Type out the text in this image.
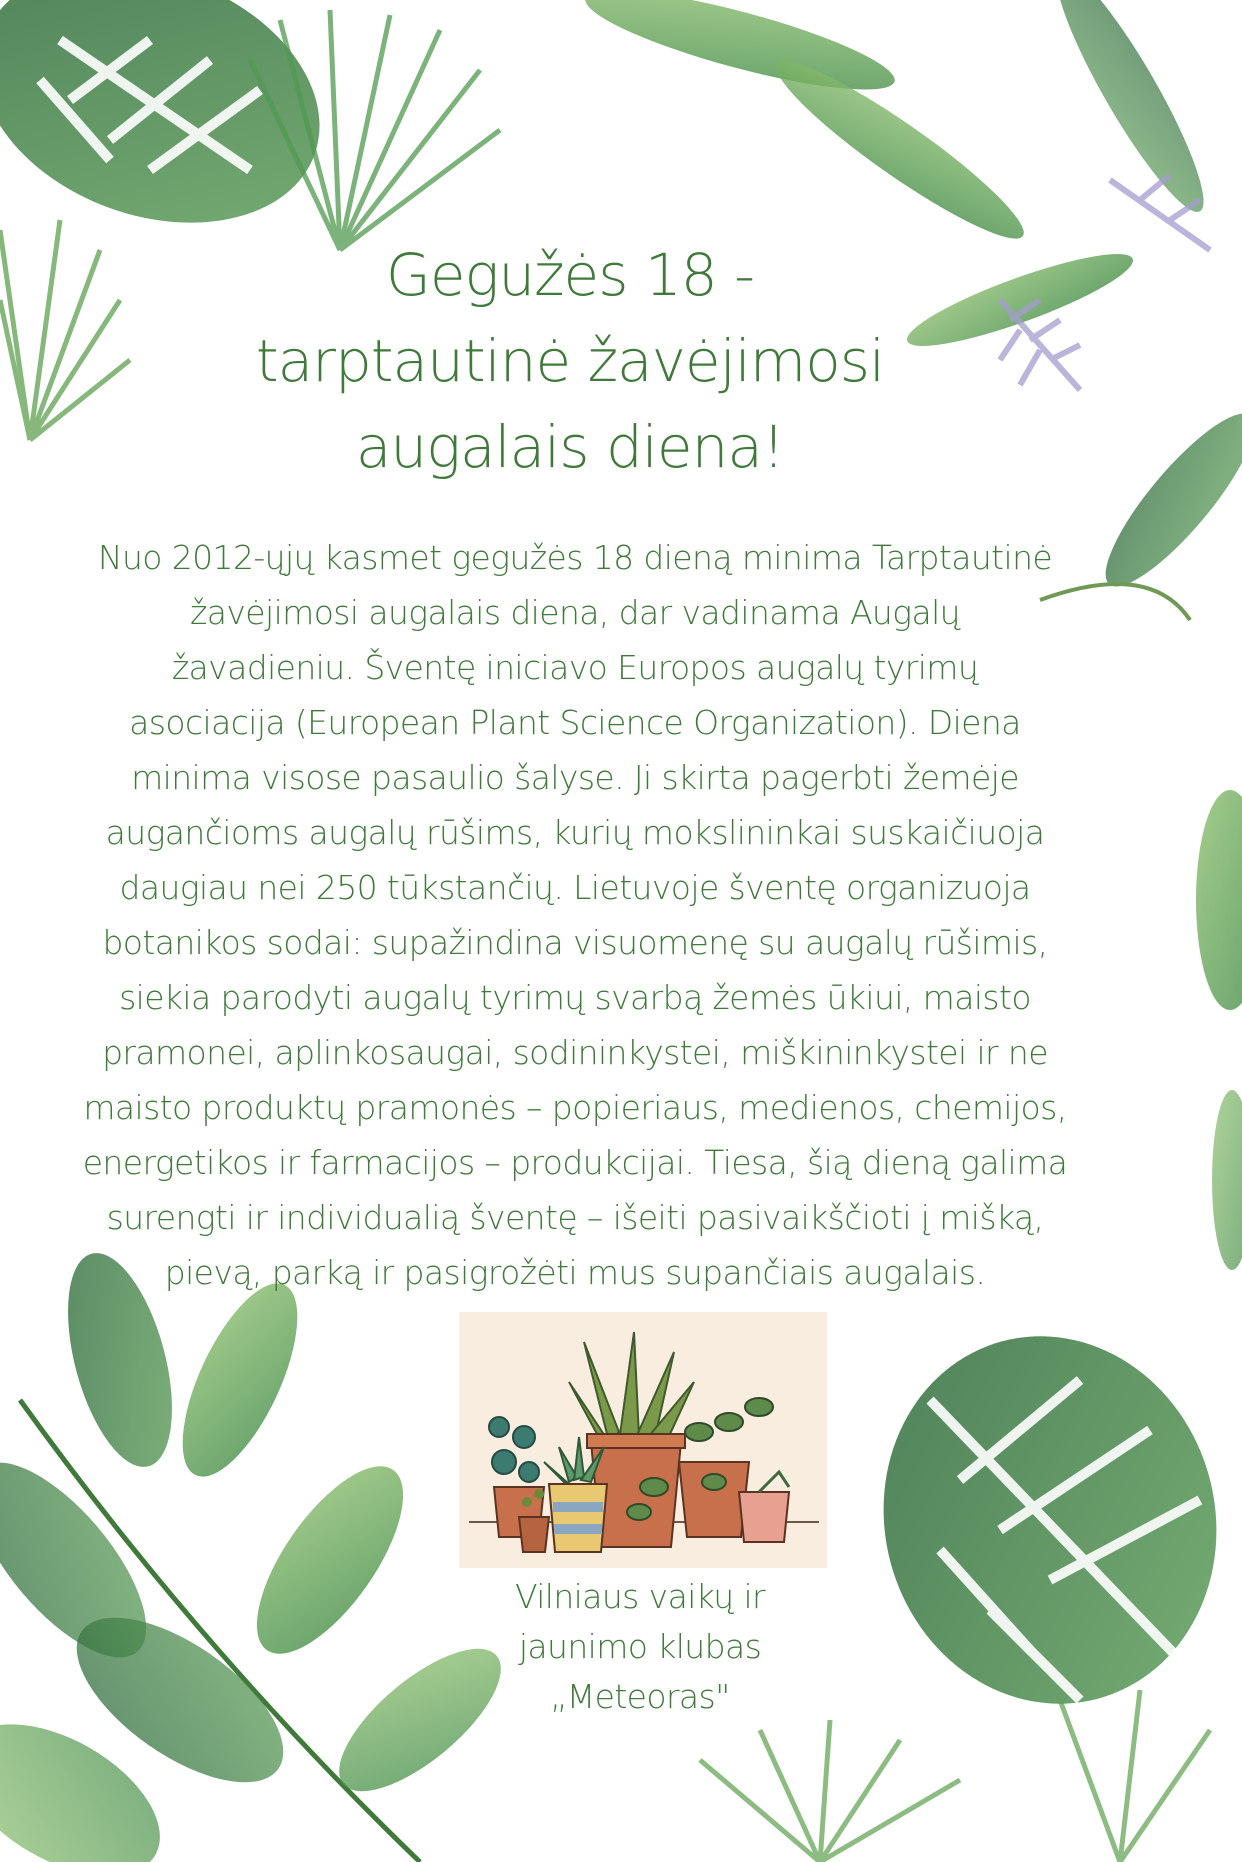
Gegužės 18 -
tarptautinė žavėjimosi
augalais diena!
Nuo 2012-ųjų kasmet gegužės 18 dieną minima Tarptautinė
žavėjimosi augalais diena, dar vadinama Augalų
žavadieniu. Šventę iniciavo Europos augalų tyrimų
asociacija (European Plant Science Organization). Diena
minima visose pasaulio šalyse. Ji skirta pagerbti žemėje
augančioms augalų rūšims, kurių mokslininkai suskaičiuoja
daugiau nei 250 tūkstančių. Lietuvoje šventę organizuoja
botanikos sodai: supažindina visuomenę su augalų rūšimis,
siekia parodyti augalų tyrimų svarbą žemės ūkiui, maisto
pramonei, aplinkosaugai, sodininkystei, miškininkystei ir ne
maisto produktų pramonės – popieriaus, medienos, chemijos,
energetikos ir farmacijos – produkcijai. Tiesa, šią dieną galima
surengti ir individualią šventę – išeiti pasivaikščioti į mišką,
pievą, parką ir pasigrožėti mus supančiais augalais.
Vilniaus vaikų ir
jaunimo klubas
„Meteoras"
